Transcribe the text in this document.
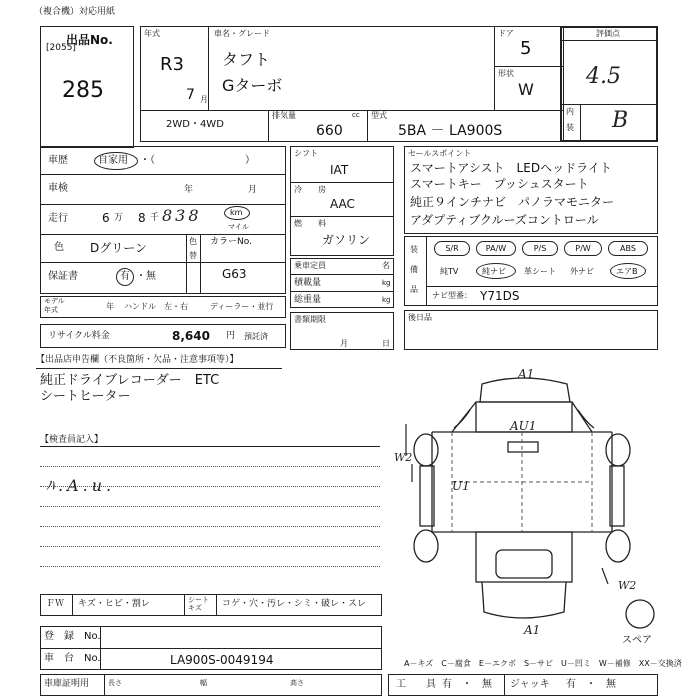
（複合機）対応用紙
出品No.
[2055]
285
年式
R3
7 月
車名・グレード
タフト
Gターボ
ドア
5
形状
W
2WD・4WD
排気量	cc
660
型式
5BA － LA900S
評価点
4.5
内
装 B
車歴	自家用 ・（　　　　　　　　　）
車検	年	月
走行	6 万 8 千 838	km
マイル
色 Dグリーン	色
替
カラーNo.
G63
保証書	有 ・無
モデル
年式	年 ハンドル　左・右	ディーラー・並行
リサイクル料金	8,640 円 預託済
シフト
IAT
冷 房
AAC
燃 料
ガソリン
乗車定員	名
積載量	kg
総重量	kg
書類期限
月	日
セールスポイント
スマートアシスト　LEDヘッドライト
スマートキー　プッシュスタート
純正９インチナビ　パノラマモニター
アダプティブクルーズコントロール
装
備
品
S/R	PA/W	P/S	P/W	ABS
純TV	純ナビ 革シート 外ナビ	エアB
ナビ型番： Y71DS
後日品
【出品店申告欄（不良箇所・欠品・注意事項等）】
純正ドライブレコーダー　ETC
シートヒーター
【検査員記入】
ﾊ.A.u.
A1
AU1
U1
W2
W2
A1
スペア
ＦＷ キズ・ヒビ・割レ	シート
キズ	コゲ・穴・汚レ・シミ・破レ・スレ
登　録　No.
車　台　No.	LA900S-0049194
車庫証明用	長さ	幅	高さ
A－キズ　C－腐食　E－エクボ　S－サビ　U－凹ミ　W－補修　XX－交換済
工　　具 有　・　無 ジャッキ 有　・　無
